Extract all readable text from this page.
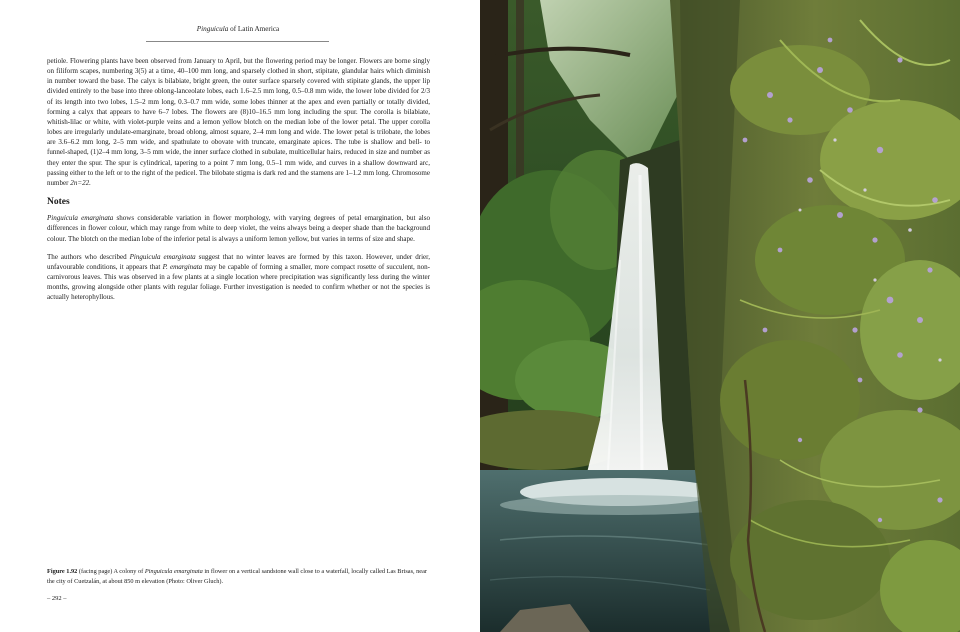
Pinguicula of Latin America

petiole. Flowering plants have been observed from January to April, but the flowering period may be longer. Flowers are borne singly on filiform scapes, numbering 3(5) at a time, 40–100 mm long, and sparsely clothed in short, stipitate, glandular hairs which diminish in number toward the base. The calyx is bilabiate, bright green, the outer surface sparsely covered with stipitate glands, the upper lip divided entirely to the base into three oblong-lanceolate lobes, each 1.6–2.5 mm long, 0.5–0.8 mm wide, the lower lobe divided for 2/3 of its length into two lobes, 1.5–2 mm long, 0.3–0.7 mm wide, some lobes thinner at the apex and even partially or totally divided, forming a calyx that appears to have 6–7 lobes. The flowers are (8)10–16.5 mm long including the spur. The corolla is bilabiate, whitish-lilac or white, with violet-purple veins and a lemon yellow blotch on the median lobe of the lower petal. The upper corolla lobes are irregularly undulate-emarginate, broad oblong, almost square, 2–4 mm long and wide. The lower petal is trilobate, the lobes are 3.6–6.2 mm long, 2–5 mm wide, and spathulate to obovate with truncate, emarginate apices. The tube is shallow and bell- to funnel-shaped, (1)2–4 mm long, 3–5 mm wide, the inner surface clothed in subulate, multicellular hairs, reduced in size and number as they enter the spur. The spur is cylindrical, tapering to a point 7 mm long, 0.5–1 mm wide, and curves in a shallow downward arc, passing either to the left or to the right of the pedicel. The bilobate stigma is dark red and the stamens are 1–1.2 mm long. Chromosome number 2n=22.

Notes

Pinguicula emarginata shows considerable variation in flower morphology, with varying degrees of petal emargination, but also differences in flower colour, which may range from white to deep violet, the veins always being a deeper shade than the background colour. The blotch on the median lobe of the inferior petal is always a uniform lemon yellow, but varies in terms of size and shape.

The authors who described Pinguicula emarginata suggest that no winter leaves are formed by this taxon. However, under drier, unfavourable conditions, it appears that P. emarginata may be capable of forming a smaller, more compact rosette of succulent, non-carnivorous leaves. This was observed in a few plants at a single location where precipitation was significantly less during the winter months, growing alongside other plants with regular foliage. Further investigation is needed to confirm whether or not the species is actually heterophyllous.

Figure 1.92 (facing page) A colony of Pinguicula emarginata in flower on a vertical sandstone wall close to a waterfall, locally called Las Brisas, near the city of Cuetzalán, at about 850 m elevation (Photo: Oliver Gluch).
– 292 –
